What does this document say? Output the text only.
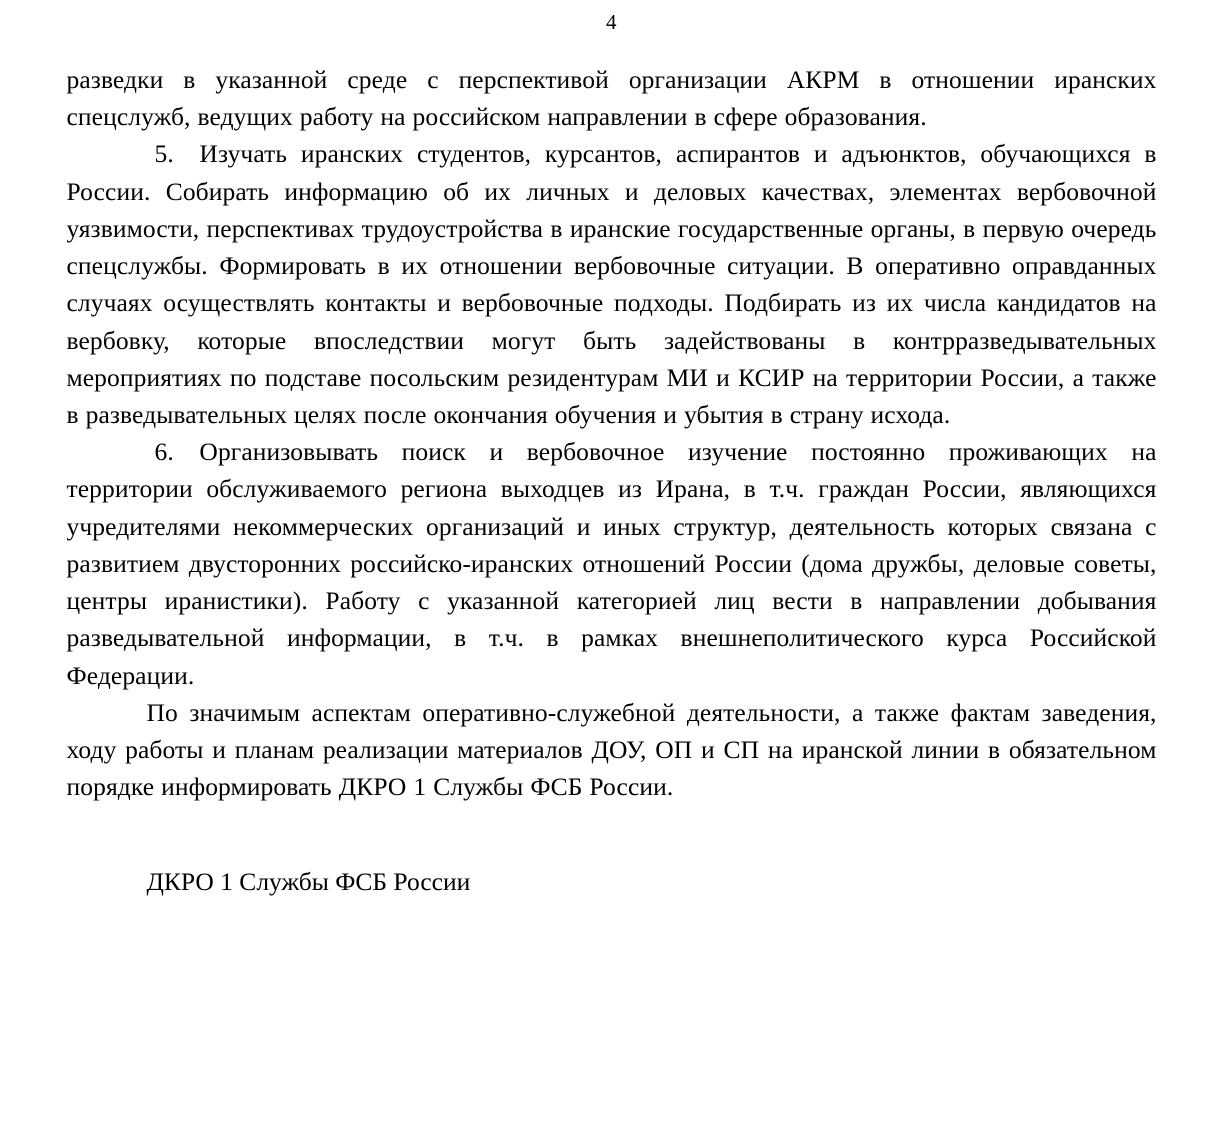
4

разведки в указанной среде с перспективой организации АКРМ в отношении иранских спецслужб, ведущих работу на российском направлении в сфере образования.

5. Изучать иранских студентов, курсантов, аспирантов и адъюнктов, обучающихся в России. Собирать информацию об их личных и деловых качествах, элементах вербовочной уязвимости, перспективах трудоустройства в иранские государственные органы, в первую очередь спецслужбы. Формировать в их отношении вербовочные ситуации. В оперативно оправданных случаях осуществлять контакты и вербовочные подходы. Подбирать из их числа кандидатов на вербовку, которые впоследствии могут быть задействованы в контрразведывательных мероприятиях по подставе посольским резидентурам МИ и КСИР на территории России, а также в разведывательных целях после окончания обучения и убытия в страну исхода.

6. Организовывать поиск и вербовочное изучение постоянно проживающих на территории обслуживаемого региона выходцев из Ирана, в т.ч. граждан России, являющихся учредителями некоммерческих организаций и иных структур, деятельность которых связана с развитием двусторонних российско-иранских отношений России (дома дружбы, деловые советы, центры иранистики). Работу с указанной категорией лиц вести в направлении добывания разведывательной информации, в т.ч. в рамках внешнеполитического курса Российской Федерации.

По значимым аспектам оперативно-служебной деятельности, а также фактам заведения, ходу работы и планам реализации материалов ДОУ, ОП и СП на иранской линии в обязательном порядке информировать ДКРО 1 Службы ФСБ России.

ДКРО 1 Службы ФСБ России
